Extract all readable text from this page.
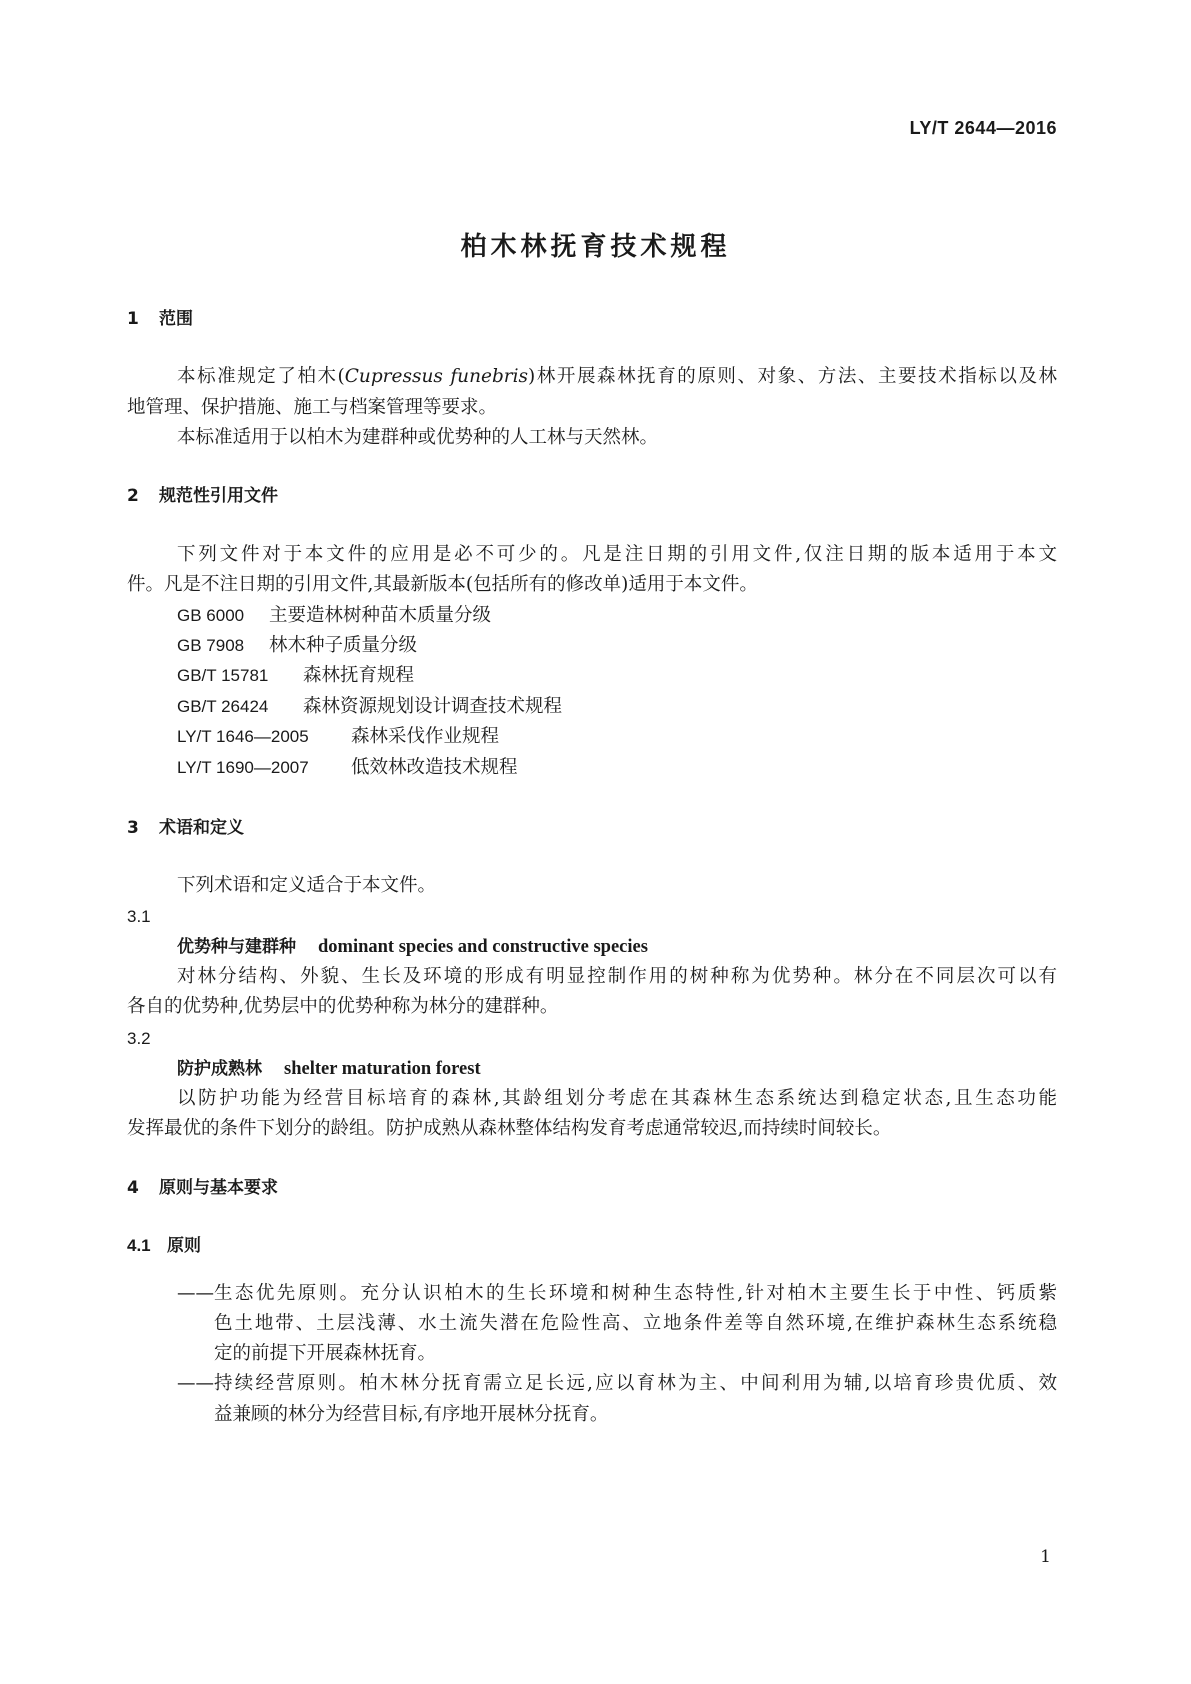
LY/T 2644—2016
柏木林抚育技术规程
1 范围
本标准规定了柏木(Cupressus funebris)林开展森林抚育的原则、对象、方法、主要技术指标以及林
地管理、保护措施、施工与档案管理等要求。
本标准适用于以柏木为建群种或优势种的人工林与天然林。
2 规范性引用文件
下列文件对于本文件的应用是必不可少的。凡是注日期的引用文件,仅注日期的版本适用于本文
件。凡是不注日期的引用文件,其最新版本(包括所有的修改单)适用于本文件。
GB 6000 主要造林树种苗木质量分级
GB 7908 林木种子质量分级
GB/T 15781 森林抚育规程
GB/T 26424 森林资源规划设计调查技术规程
LY/T 1646—2005 森林采伐作业规程
LY/T 1690—2007 低效林改造技术规程
3 术语和定义
下列术语和定义适合于本文件。
3.1
优势种与建群种 dominant species and constructive species
对林分结构、外貌、生长及环境的形成有明显控制作用的树种称为优势种。林分在不同层次可以有
各自的优势种,优势层中的优势种称为林分的建群种。
3.2
防护成熟林 shelter maturation forest
以防护功能为经营目标培育的森林,其龄组划分考虑在其森林生态系统达到稳定状态,且生态功能
发挥最优的条件下划分的龄组。防护成熟从森林整体结构发育考虑通常较迟,而持续时间较长。
4 原则与基本要求
4.1 原则
—— 生态优先原则。充分认识柏木的生长环境和树种生态特性,针对柏木主要生长于中性、钙质紫
色土地带、土层浅薄、水土流失潜在危险性高、立地条件差等自然环境,在维护森林生态系统稳
定的前提下开展森林抚育。
—— 持续经营原则。柏木林分抚育需立足长远,应以育林为主、中间利用为辅,以培育珍贵优质、效
益兼顾的林分为经营目标,有序地开展林分抚育。
1
